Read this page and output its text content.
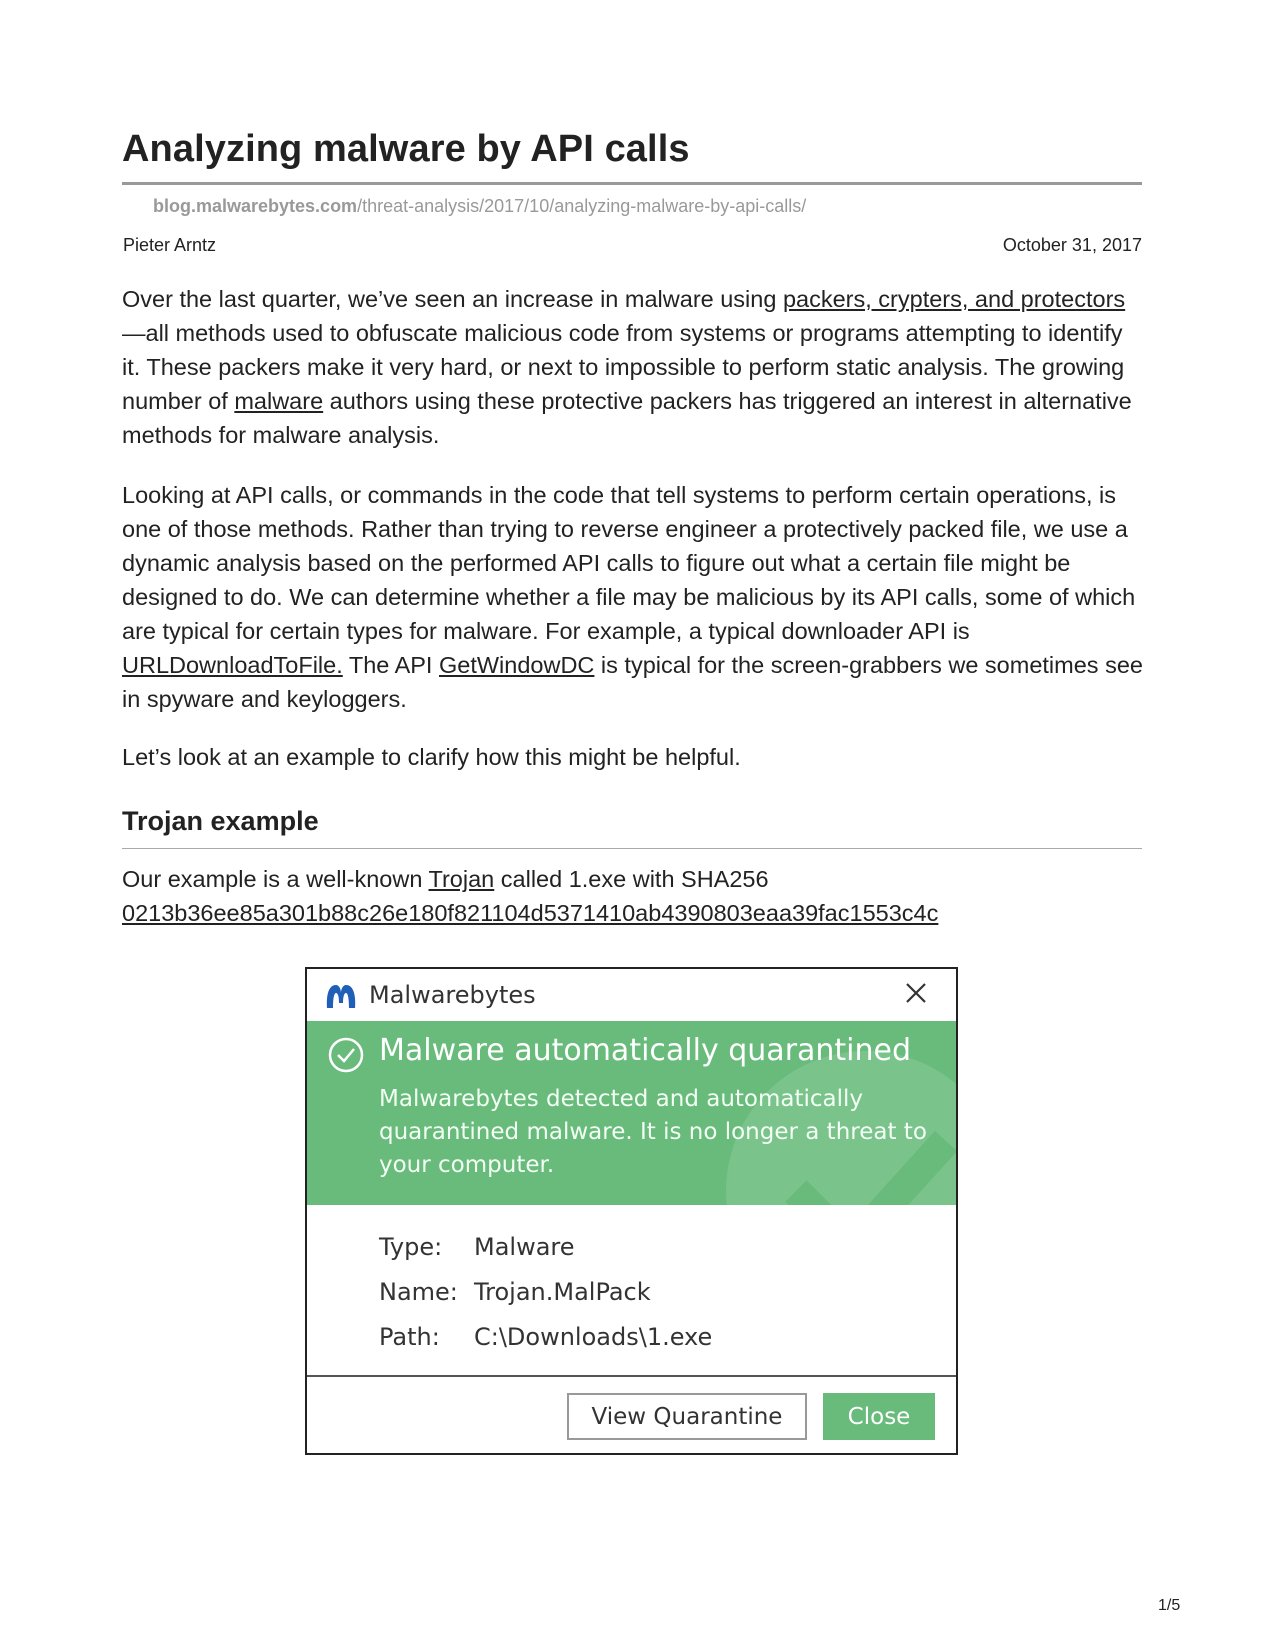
Analyzing malware by API calls
blog.malwarebytes.com/threat-analysis/2017/10/analyzing-malware-by-api-calls/
Pieter Arntz	October 31, 2017

Over the last quarter, we’ve seen an increase in malware using packers, crypters, and protectors—all methods used to obfuscate malicious code from systems or programs attempting to identify it. These packers make it very hard, or next to impossible to perform static analysis. The growing number of malware authors using these protective packers has triggered an interest in alternative methods for malware analysis.

Looking at API calls, or commands in the code that tell systems to perform certain operations, is one of those methods. Rather than trying to reverse engineer a protectively packed file, we use a dynamic analysis based on the performed API calls to figure out what a certain file might be designed to do. We can determine whether a file may be malicious by its API calls, some of which are typical for certain types for malware. For example, a typical downloader API is URLDownloadToFile. The API GetWindowDC is typical for the screen-grabbers we sometimes see in spyware and keyloggers.

Let’s look at an example to clarify how this might be helpful.

Trojan example

Our example is a well-known Trojan called 1.exe with SHA256
0213b36ee85a301b88c26e180f821104d5371410ab4390803eaa39fac1553c4c

Malwarebytes
Malware automatically quarantined

Malwarebytes detected and automatically quarantined malware. It is no longer a threat to your computer.

Type: Malware
Name: Trojan.MalPack
Path: C:\Downloads\1.exe
View Quarantine	Close
1/5
